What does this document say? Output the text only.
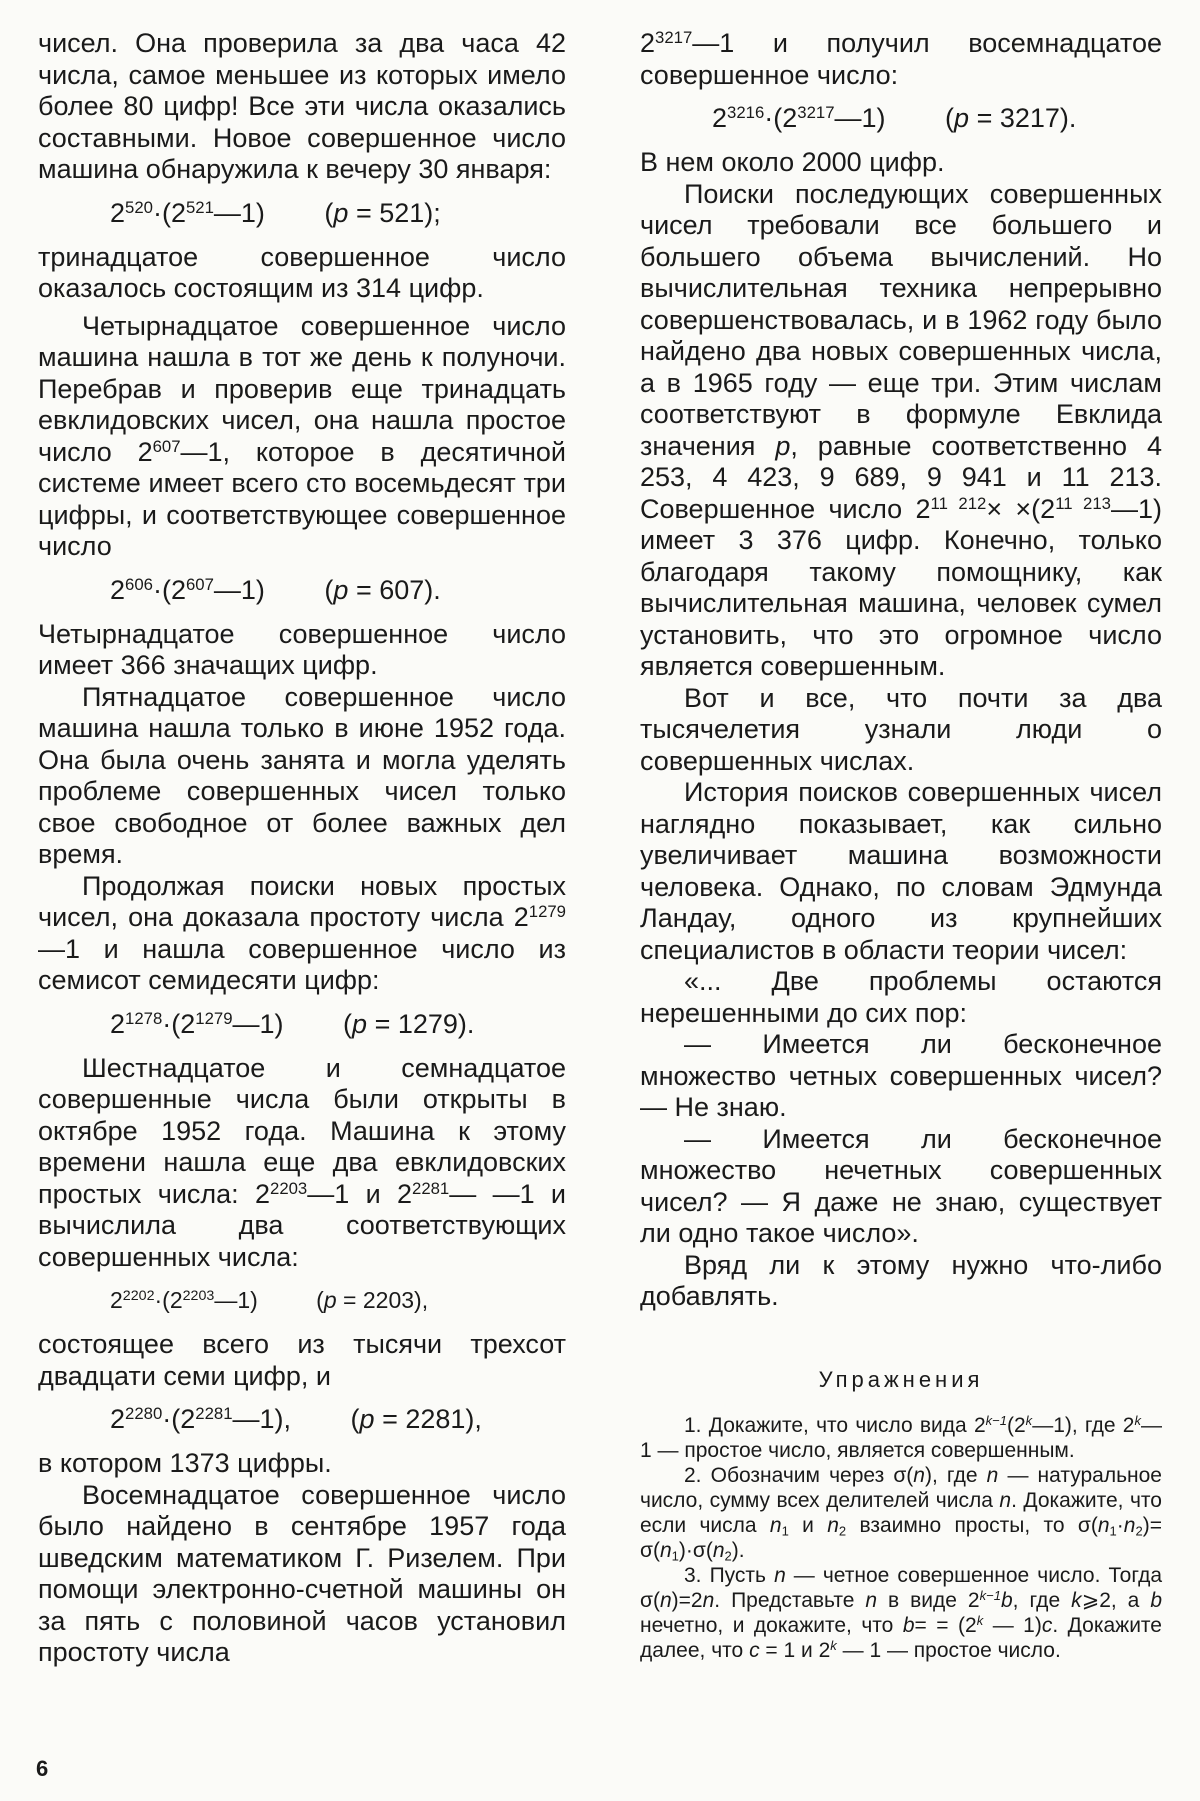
чисел. Она проверила за два часа 42 числа, самое меньшее из которых имело более 80 цифр! Все эти числа оказались составными. Новое совершенное число машина обнаружила к вечеру 30 января:

$2^{520}\cdot(2^{521}—1) (p = 521)$;

тринадцатое совершенное число оказалось состоящим из 314 цифр.

Четырнадцатое совершенное число машина нашла в тот же день к полуночи. Перебрав и проверив еще тринадцать евклидовских чисел, она нашла простое число $2^{607}—1$, которое в десятичной системе имеет всего сто восемьдесят три цифры, и соответствующее совершенное число

$2^{606}\cdot(2^{607}—1) (p = 607)$.

Четырнадцатое совершенное число имеет 366 значащих цифр.

Пятнадцатое совершенное число машина нашла только в июне 1952 года. Она была очень занята и могла уделять проблеме совершенных чисел только свое свободное от более важных дел время.

Продолжая поиски новых простых чисел, она доказала простоту числа $2^{1279}—1$ и нашла совершенное число из семисот семидесяти цифр:

$2^{1278}\cdot(2^{1279}—1) (p = 1279)$.

Шестнадцатое и семнадцатое совершенные числа были открыты в октябре 1952 года. Машина к этому времени нашла еще два евклидовских простых числа: $2^{2203}—1$ и $2^{2281}—$ —1 и вычислила два соответствующих совершенных числа:

$2^{2202}\cdot(2^{2203}—1) (p = 2203)$,

состоящее всего из тысячи трехсот двадцати семи цифр, и

$2^{2280}\cdot(2^{2281}—1)$, (p = 2281),

в котором 1373 цифры.

Восемнадцатое совершенное число было найдено в сентябре 1957 года шведским математиком Г. Ризелем. При помощи электронно-счетной машины он за пять с половиной часов установил простоту числа

$2^{3217}—1$ и получил восемнадцатое совершенное число:

$2^{3216}\cdot(2^{3217}—1) (p = 3217)$.

В нем около 2000 цифр.

Поиски последующих совершенных чисел требовали все большего и большего объема вычислений. Но вычислительная техника непрерывно совершенствовалась, и в 1962 году было найдено два новых совершенных числа, а в 1965 году — еще три. Этим числам соответствуют в формуле Евклида значения p, равные соответственно 4 253, 4 423, 9 689, 9 941 и 11 213. Совершенное число $2^{11 212}\times$ $\times(2^{11 213}—1)$ имеет 3 376 цифр. Конечно, только благодаря такому помощнику, как вычислительная машина, человек сумел установить, что это огромное число является совершенным.

Вот и все, что почти за два тысячелетия узнали люди о совершенных числах.

История поисков совершенных чисел наглядно показывает, как сильно увеличивает машина возможности человека. Однако, по словам Эдмунда Ландау, одного из крупнейших специалистов в области теории чисел:

«... Две проблемы остаются нерешенными до сих пор:

— Имеется ли бесконечное множество четных совершенных чисел? — Не знаю.

— Имеется ли бесконечное множество нечетных совершенных чисел? — Я даже не знаю, существует ли одно такое число».

Вряд ли к этому нужно что-либо добавлять.

Упражнения

1. Докажите, что число вида $2^{k-1}(2^k—1)$, где 2$^k$—1 — простое число, является совершенным.

2. Обозначим через σ(n), где n — натуральное число, сумму всех делителей числа n. Докажите, что если числа $n_1$ и $n_2$ взаимно просты, то $\sigma(n_1\cdot n_2)= \sigma(n_1)\cdot\sigma(n_2)$.

3. Пусть n — четное совершенное число. Тогда σ(n)=2n. Представьте n в виде $2^{k-1}b$, где k⩾2, а b нечетно, и докажите, что $b= = (2^k$ — 1)c. Докажите далее, что c = 1 и 2$^k$ — 1 — простое число.

6
